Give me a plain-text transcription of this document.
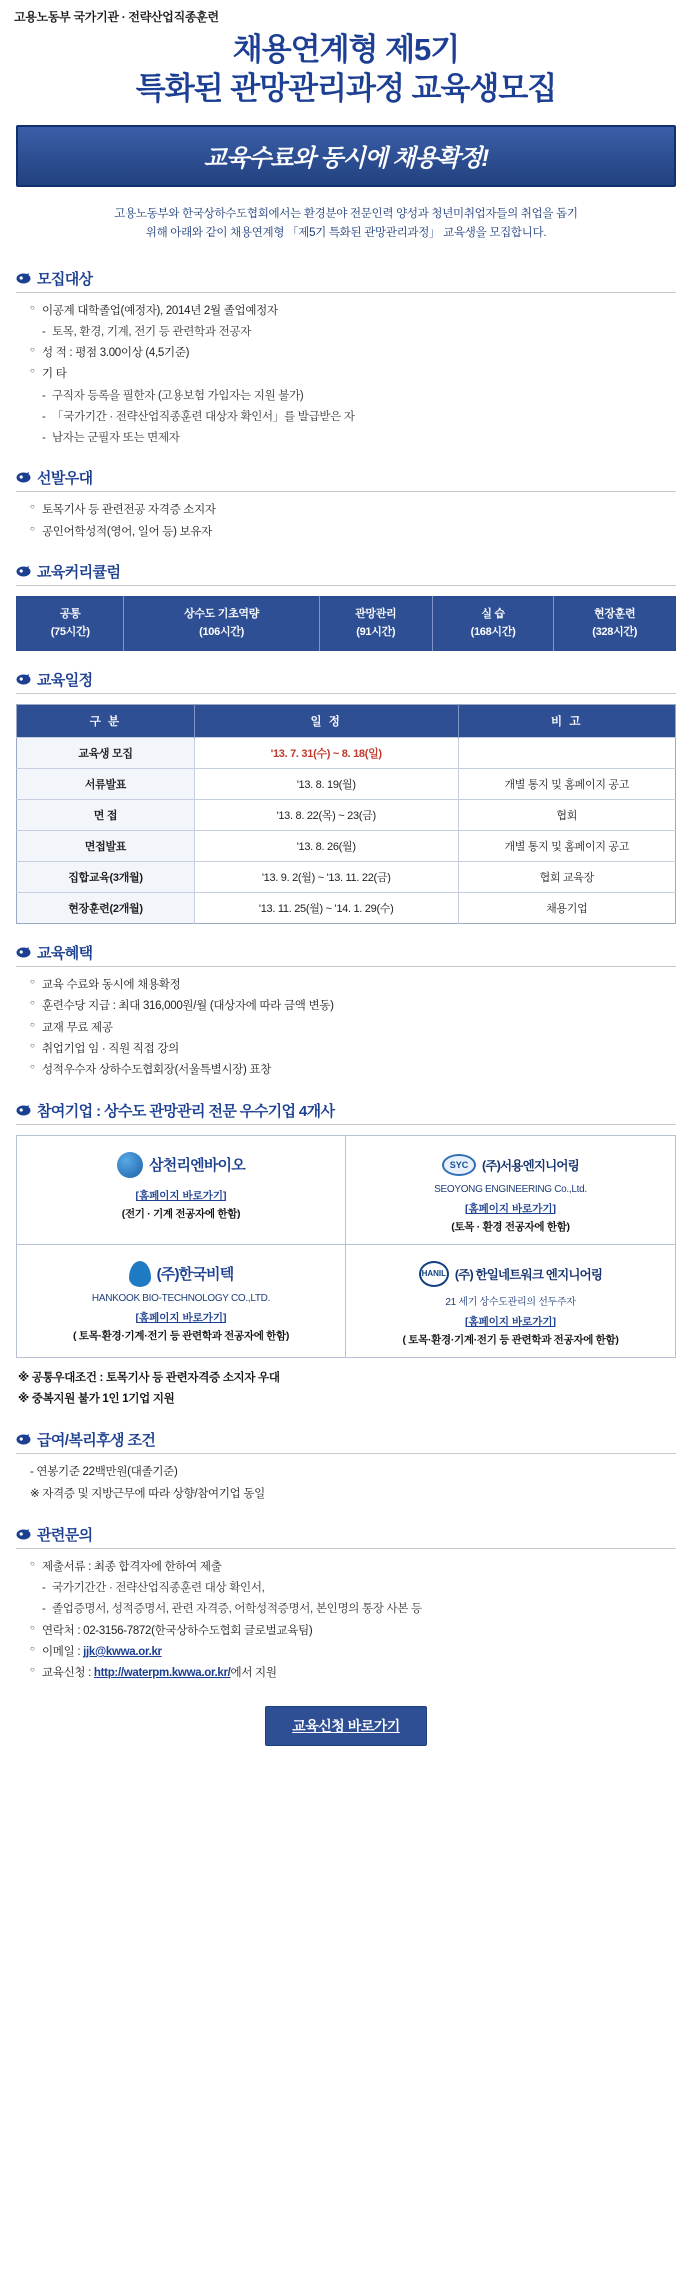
고용노동부 국가기관 · 전략산업직종훈련
채용연계형 제5기
특화된 관망관리과정 교육생모집
교육수료와 동시에 채용확정!
고용노동부와 한국상하수도협회에서는 환경분야 전문인력 양성과 청년미취업자들의 취업을 돕기
위해 아래와 같이 채용연계형 「제5기 특화된 관망관리과정」 교육생을 모집합니다.
모집대상
○ 이공계 대학졸업(예정자), 2014년 2월 졸업예정자
- 토목, 환경, 기계, 전기 등 관련학과 전공자
○ 성 적 : 평점 3.00이상 (4,5기준)
○ 기 타
- 구직자 등록을 필한자 (고용보험 가입자는 지원 불가)
- 「국가기간 · 전략산업직종훈련 대상자 확인서」를 발급받은 자
- 남자는 군필자 또는 면제자
선발우대
○ 토목기사 등 관련전공 자격증 소지자
○ 공인어학성적(영어, 일어 등) 보유자
교육커리큘럼
공통
(75시간)

상수도 기초역량
(106시간)

관망관리
(91시간)

실 습
(168시간)

현장훈련
(328시간)
교육일정
구 분	일 정	비 고
교육생 모집	'13. 7. 31(수) ~ 8. 18(일)	
서류발표	'13. 8. 19(월)	개별 통지 및 홈페이지 공고
면 접	'13. 8. 22(목) ~ 23(금)	협회
면접발표	'13. 8. 26(월)	개별 통지 및 홈페이지 공고
집합교육(3개월)	'13. 9. 2(월) ~ '13. 11. 22(금)	협회 교육장
현장훈련(2개월)	'13. 11. 25(월) ~ '14. 1. 29(수)	채용기업
교육혜택
○ 교육 수료와 동시에 채용확정
○ 훈련수당 지급 : 최대 316,000원/월 (대상자에 따라 금액 변동)
○ 교재 무료 제공
○ 취업기업 임 · 직원 직접 강의
○ 성적우수자 상하수도협회장(서울특별시장) 표창
참여기업 : 상수도 관망관리 전문 우수기업 4개사
삼천리엔바이오
[홈페이지 바로가기]
(전기 · 기계 전공자에 한함)
SYC	(주)서용엔지니어링
SEOYONG ENGINEERING Co.,Ltd.
[홈페이지 바로가기]
(토목 · 환경 전공자에 한함)
(주)한국비텍
HANKOOK BIO-TECHNOLOGY CO.,LTD.
[홈페이지 바로가기]
( 토목·환경·기계·전기 등 관련학과 전공자에 한함)
HANIL (주) 한일네트워크 엔지니어링
21 세기 상수도관리의 선두주자
[홈페이지 바로가기]
( 토목·환경·기계·전기 등 관련학과 전공자에 한함)
※ 공통우대조건 : 토목기사 등 관련자격증 소지자 우대
※ 중복지원 불가 1인 1기업 지원
급여/복리후생 조건
- 연봉기준 22백만원(대졸기준)
※ 자격증 및 지방근무에 따라 상향/참여기업 동일
관련문의
○ 제출서류 : 최종 합격자에 한하여 제출
- 국가기간간 · 전략산업직종훈련 대상 확인서,
- 졸업증명서, 성적증명서, 관련 자격증, 어학성적증명서, 본인명의 통장 사본 등
○ 연락처 : 02-3156-7872(한국상하수도협회 글로벌교육팀)
○ 이메일 : jjk@kwwa.or.kr
○ 교육신청 : http://waterpm.kwwa.or.kr/에서 지원
교육신청 바로가기
